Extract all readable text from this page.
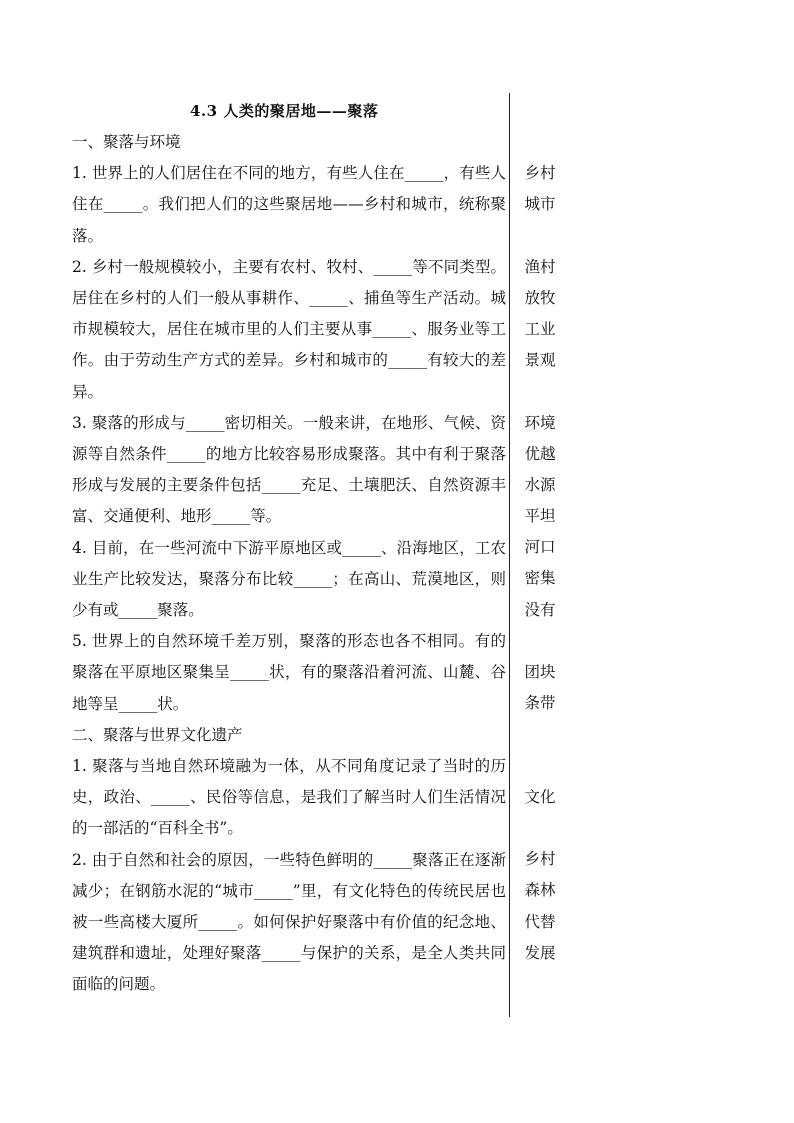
4.3 人类的聚居地——聚落

一、聚落与环境

1. 世界上的人们居住在不同的地方，有些人住在_____，有些人住在_____。我们把人们的这些聚居地——乡村和城市，统称聚落。

2. 乡村一般规模较小，主要有农村、牧村、_____等不同类型。居住在乡村的人们一般从事耕作、_____、捕鱼等生产活动。城市规模较大，居住在城市里的人们主要从事_____、服务业等工作。由于劳动生产方式的差异。乡村和城市的_____有较大的差异。

3. 聚落的形成与_____密切相关。一般来讲，在地形、气候、资源等自然条件_____的地方比较容易形成聚落。其中有利于聚落形成与发展的主要条件包括_____充足、土壤肥沃、自然资源丰富、交通便利、地形_____等。

4. 目前，在一些河流中下游平原地区或_____、沿海地区，工农业生产比较发达，聚落分布比较_____；在高山、荒漠地区，则少有或_____聚落。

5. 世界上的自然环境千差万别，聚落的形态也各不相同。有的聚落在平原地区聚集呈_____状，有的聚落沿着河流、山麓、谷地等呈_____状。

二、聚落与世界文化遗产

1. 聚落与当地自然环境融为一体，从不同角度记录了当时的历史，政治、_____、民俗等信息，是我们了解当时人们生活情况的一部活的“百科全书”。

2. 由于自然和社会的原因，一些特色鲜明的_____聚落正在逐渐减少；在钢筋水泥的“城市_____”里，有文化特色的传统民居也被一些高楼大厦所_____。如何保护好聚落中有价值的纪念地、建筑群和遗址，处理好聚落_____与保护的关系，是全人类共同面临的问题。

乡村
城市
渔村
放牧
工业
景观
环境
优越
水源
平坦
河口
密集
没有
团块
条带
文化
乡村
森林
代替
发展
